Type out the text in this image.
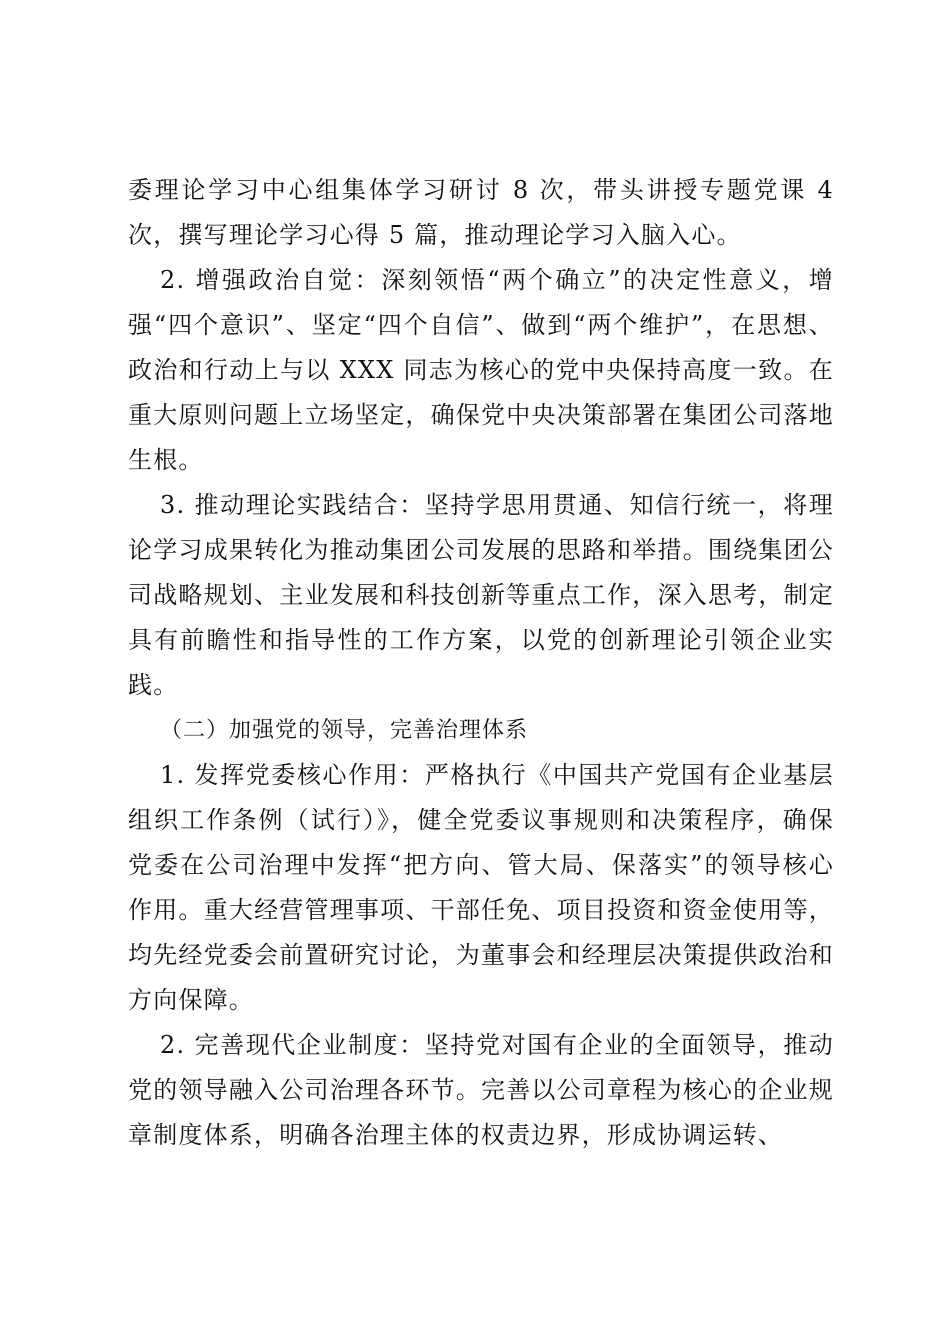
委理论学习中心组集体学习研讨 8 次，带头讲授专题党课 4 次，撰写理论学习心得 5 篇，推动理论学习入脑入心。

2. 增强政治自觉：深刻领悟“两个确立”的决定性意义，增强“四个意识”、坚定“四个自信”、做到“两个维护”，在思想、政治和行动上与以 XXX 同志为核心的党中央保持高度一致。在重大原则问题上立场坚定，确保党中央决策部署在集团公司落地生根。

3. 推动理论实践结合：坚持学思用贯通、知信行统一，将理论学习成果转化为推动集团公司发展的思路和举措。围绕集团公司战略规划、主业发展和科技创新等重点工作，深入思考，制定具有前瞻性和指导性的工作方案，以党的创新理论引领企业实践。

（二）加强党的领导，完善治理体系

1. 发挥党委核心作用：严格执行《中国共产党国有企业基层组织工作条例（试行）》，健全党委议事规则和决策程序，确保党委在公司治理中发挥“把方向、管大局、保落实”的领导核心作用。重大经营管理事项、干部任免、项目投资和资金使用等，均先经党委会前置研究讨论，为董事会和经理层决策提供政治和方向保障。

2. 完善现代企业制度：坚持党对国有企业的全面领导，推动党的领导融入公司治理各环节。完善以公司章程为核心的企业规章制度体系，明确各治理主体的权责边界，形成协调运转、
